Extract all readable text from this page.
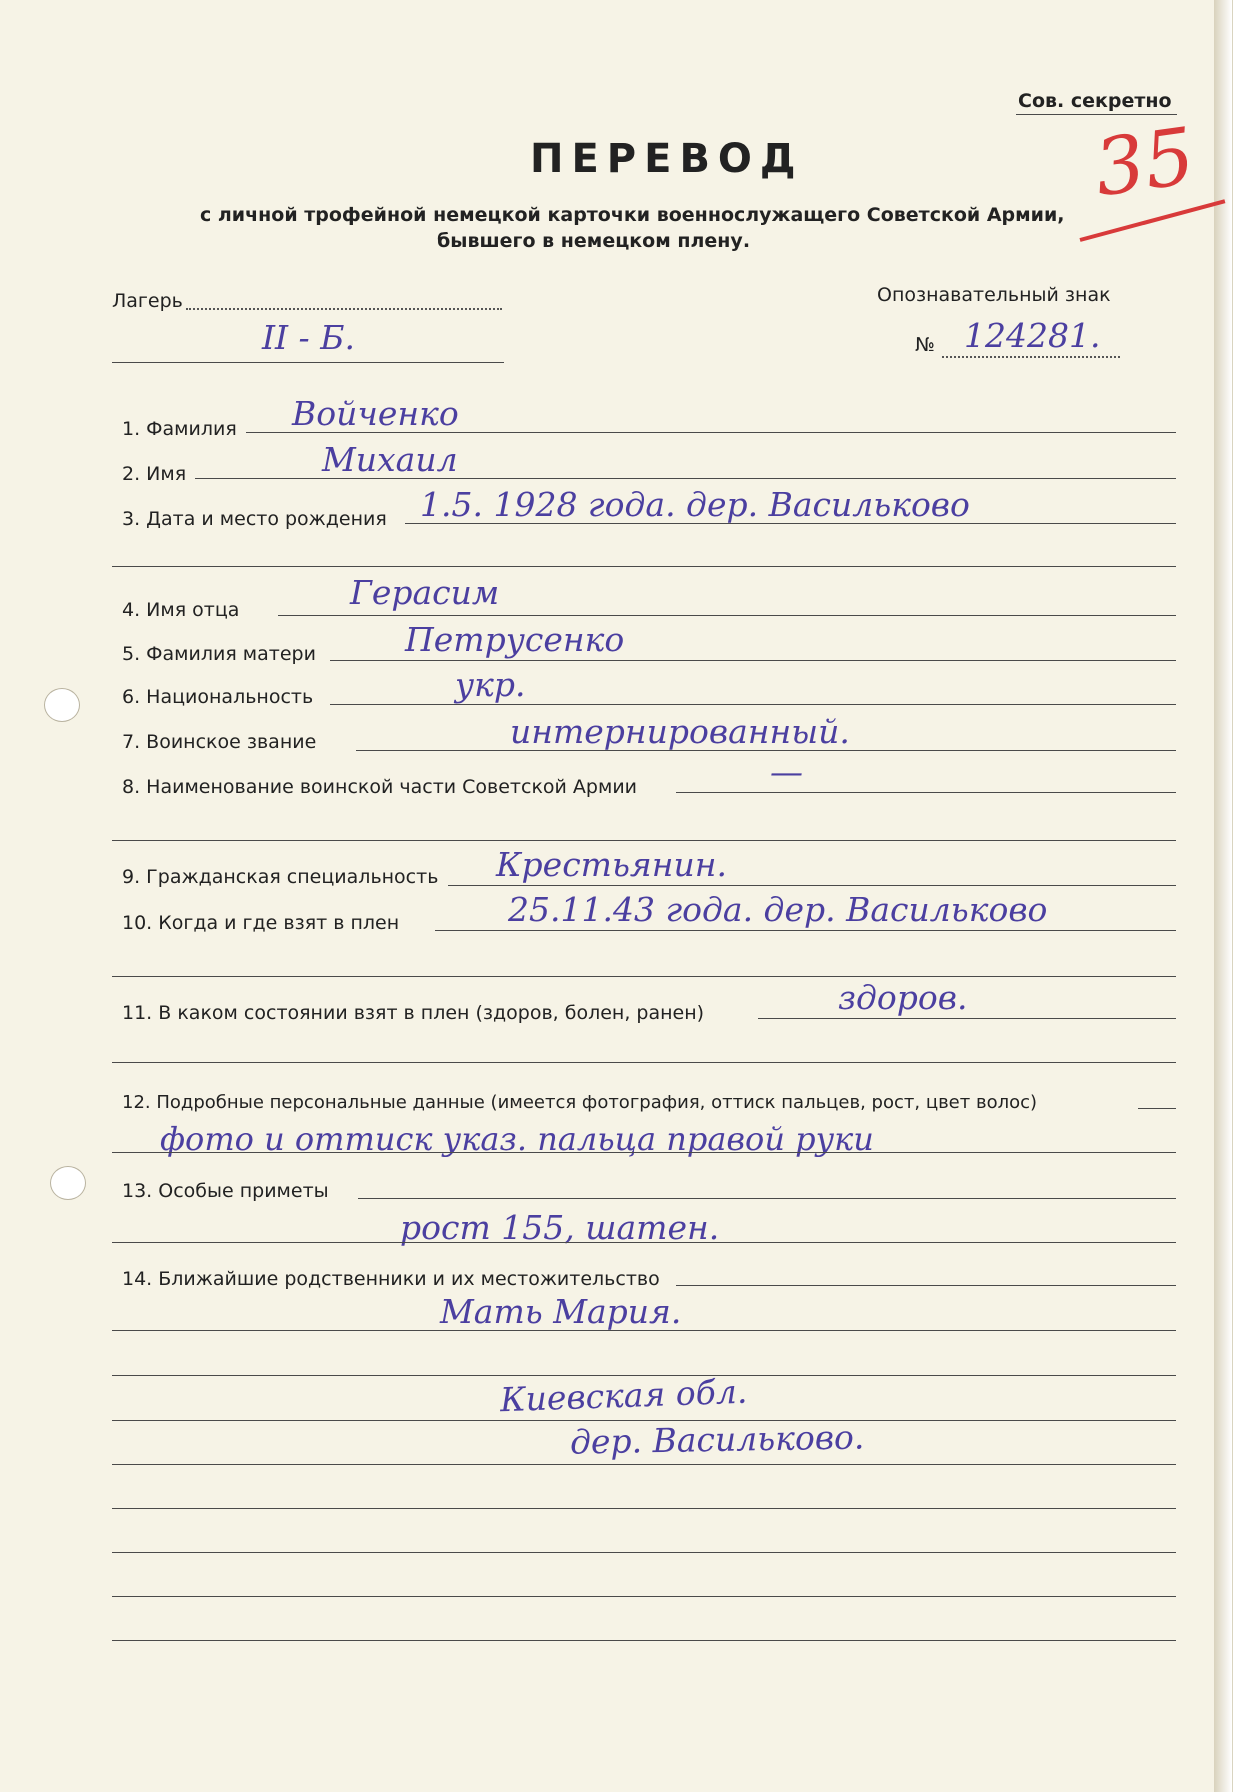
Сов. секретно
ПЕРЕВОД
с личной трофейной немецкой карточки военнослужащего Советской Армии,
бывшего в немецком плену.
35
Лагерь
II - Б.
Опознавательный знак
№ 124281.
1. Фамилия Войченко
2. Имя	Михаил
3. Дата и место рождения 1.5. 1928 года. дер. Васильково
4. Имя отца	Герасим
5. Фамилия матери	Петрусенко
6. Национальность	укр.
7. Воинское звание	интернированный.
8. Наименование воинской части Советской Армии	—
9. Гражданская специальность Крестьянин.
10. Когда и где взят в плен	25.11.43 года. дер. Васильково
11. В каком состоянии взят в плен (здоров, болен, ранен)	здоров.
12. Подробные персональные данные (имеется фотография, оттиск пальцев, рост, цвет волос)
фото и оттиск указ. пальца правой руки
13. Особые приметы
рост 155, шатен.
14. Ближайшие родственники и их местожительство
Мать Мария.
Киевская обл.
дер. Васильково.
